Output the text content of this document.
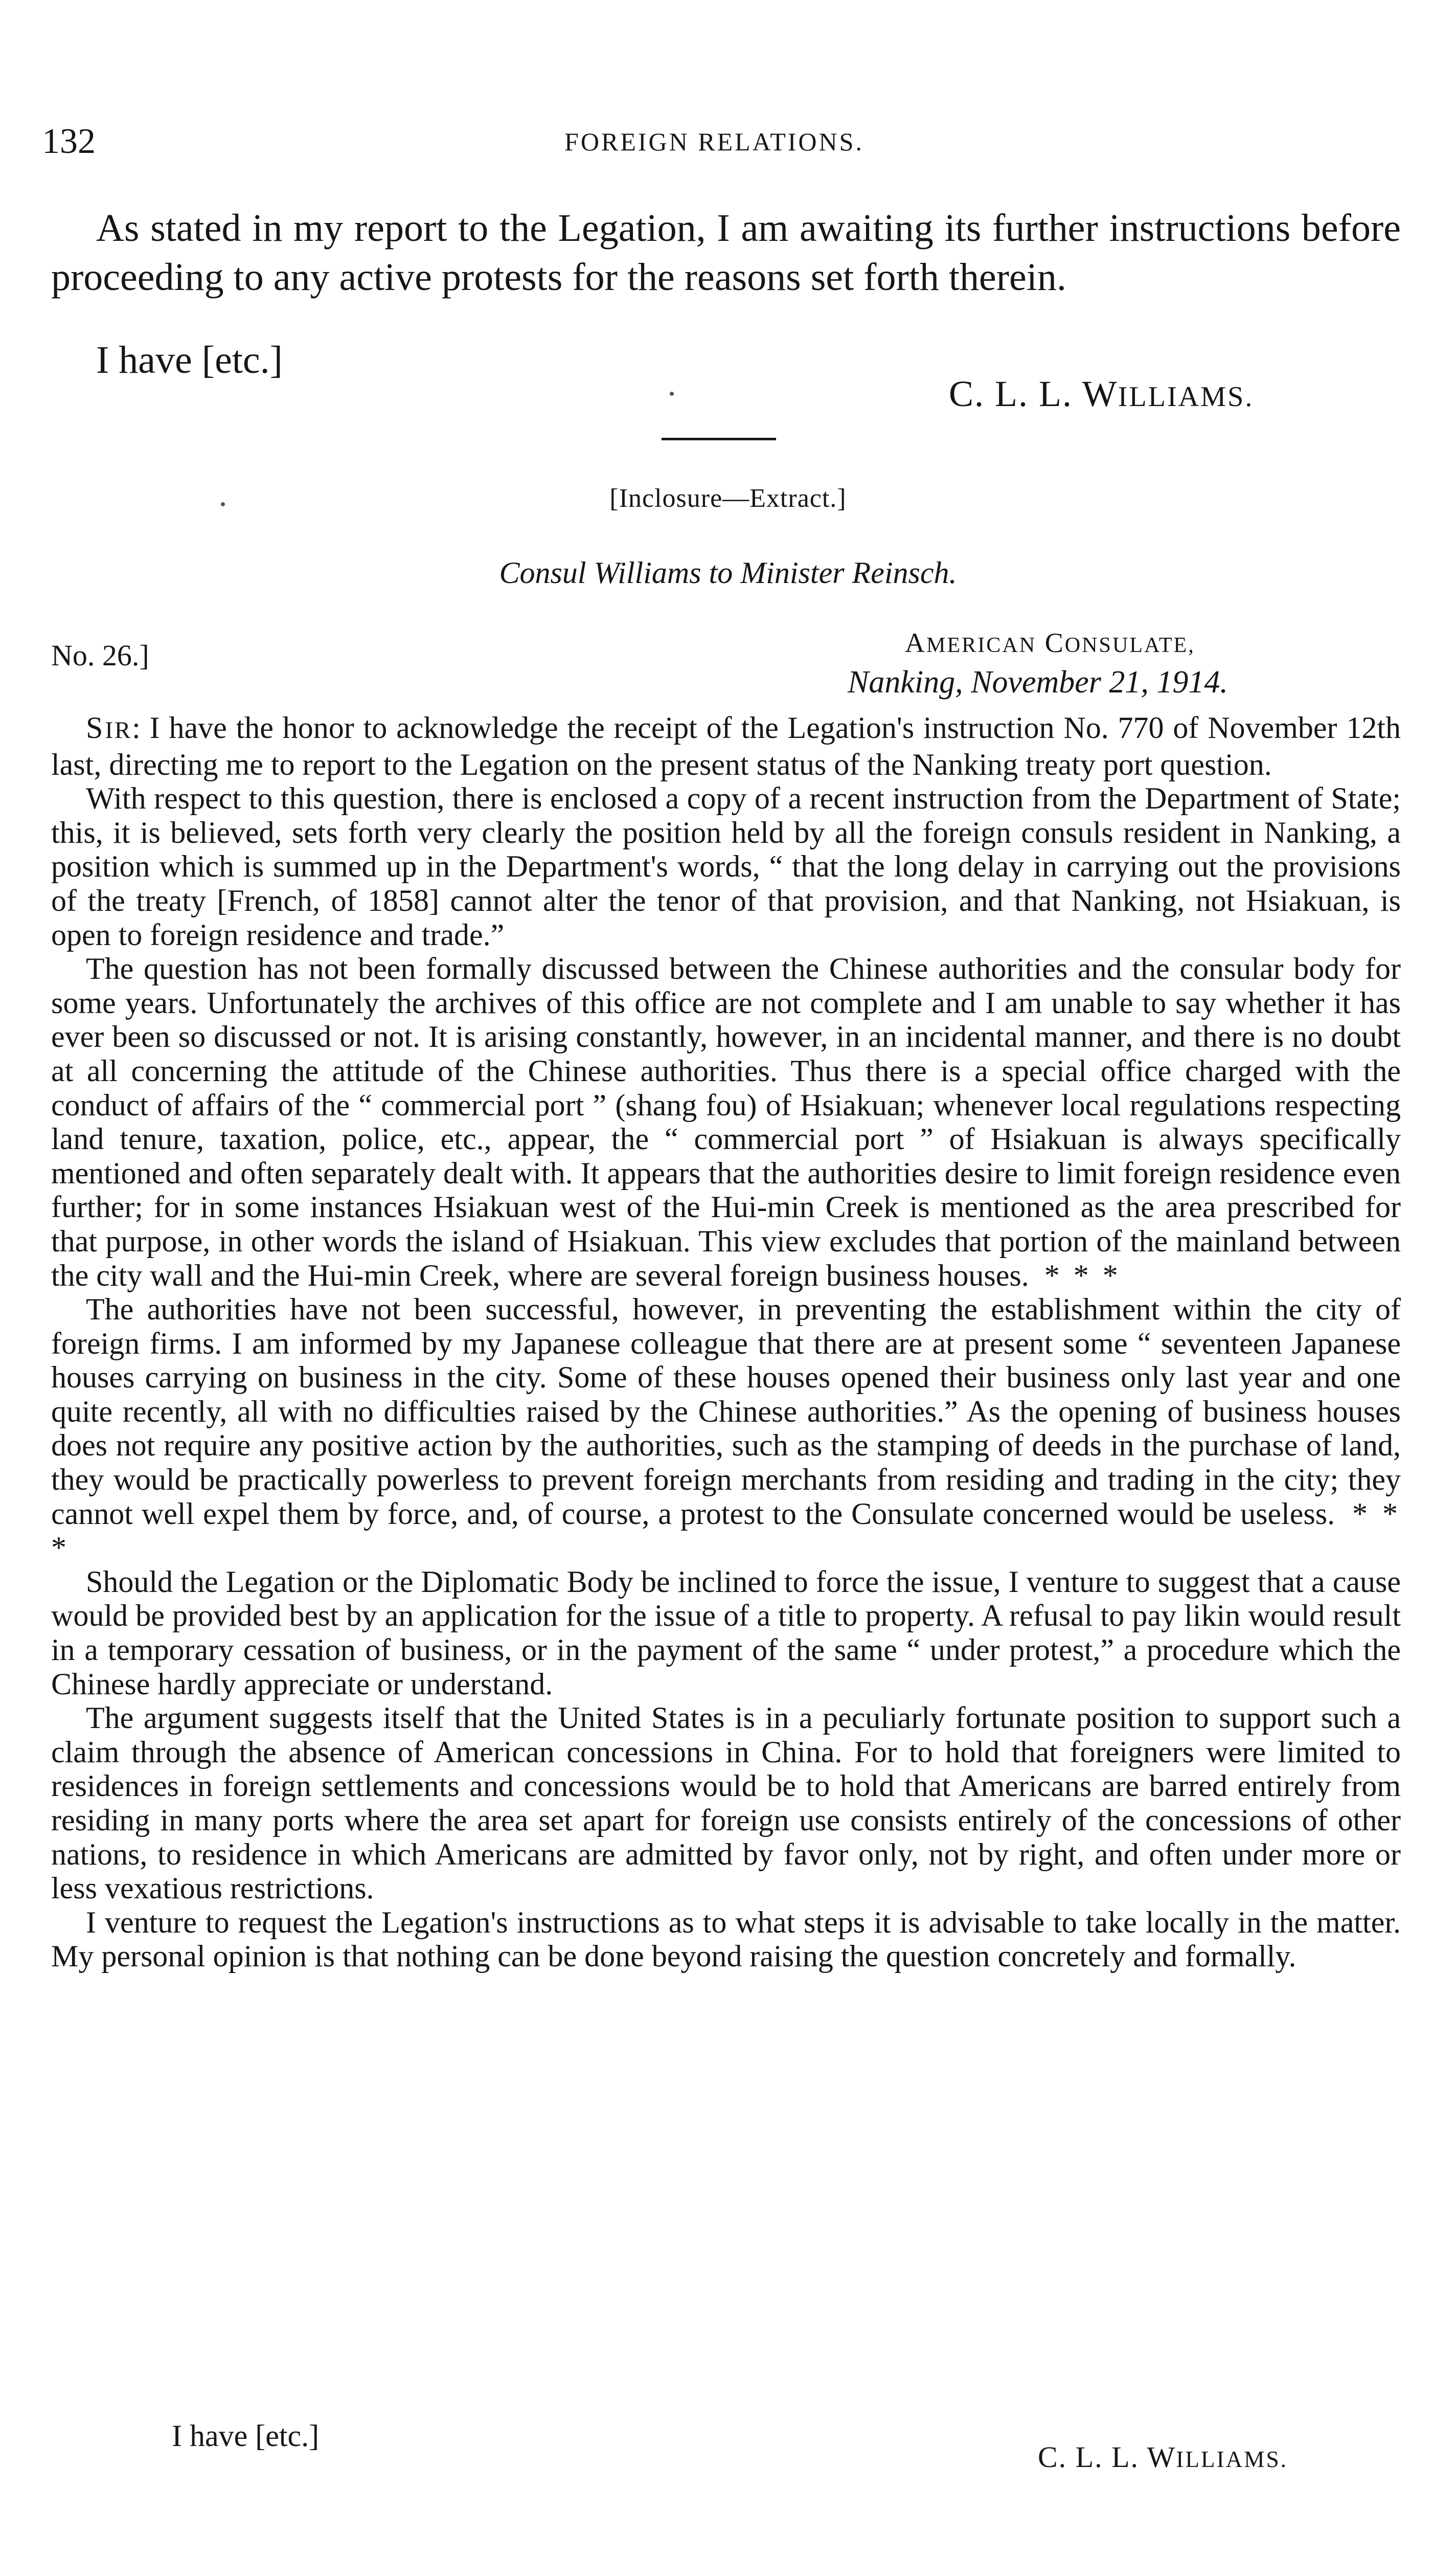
132	FOREIGN RELATIONS.

As stated in my report to the Legation, I am awaiting its further instructions before proceeding to any active protests for the reasons set forth therein.

I have [etc.]
C. L. L. WILLIAMS.
[Inclosure—Extract.]
Consul Williams to Minister Reinsch.
No. 26.]	AMERICAN CONSULATE,
Nanking, November 21, 1914.

SIR: I have the honor to acknowledge the receipt of the Legation's instruction No. 770 of November 12th last, directing me to report to the Legation on the present status of the Nanking treaty port question.

With respect to this question, there is enclosed a copy of a recent instruction from the Department of State; this, it is believed, sets forth very clearly the position held by all the foreign consuls resident in Nanking, a position which is summed up in the Department's words, “ that the long delay in carrying out the provisions of the treaty [French, of 1858] cannot alter the tenor of that provision, and that Nanking, not Hsiakuan, is open to foreign residence and trade.”

The question has not been formally discussed between the Chinese authorities and the consular body for some years. Unfortunately the archives of this office are not complete and I am unable to say whether it has ever been so discussed or not. It is arising constantly, however, in an incidental manner, and there is no doubt at all concerning the attitude of the Chinese authorities. Thus there is a special office charged with the conduct of affairs of the “ commercial port ” (shang fou) of Hsiakuan; whenever local regulations respecting land tenure, taxation, police, etc., appear, the “ commercial port ” of Hsiakuan is always specifically mentioned and often separately dealt with. It appears that the authorities desire to limit foreign residence even further; for in some instances Hsiakuan west of the Hui-min Creek is mentioned as the area prescribed for that purpose, in other words the island of Hsiakuan. This view excludes that portion of the mainland between the city wall and the Hui-min Creek, where are several foreign business houses. * * *

The authorities have not been successful, however, in preventing the establishment within the city of foreign firms. I am informed by my Japanese colleague that there are at present some “ seventeen Japanese houses carrying on business in the city. Some of these houses opened their business only last year and one quite recently, all with no difficulties raised by the Chinese authorities.” As the opening of business houses does not require any positive action by the authorities, such as the stamping of deeds in the purchase of land, they would be practically powerless to prevent foreign merchants from residing and trading in the city; they cannot well expel them by force, and, of course, a protest to the Consulate concerned would be useless. * * *

Should the Legation or the Diplomatic Body be inclined to force the issue, I venture to suggest that a cause would be provided best by an application for the issue of a title to property. A refusal to pay likin would result in a temporary cessation of business, or in the payment of the same “ under protest,” a procedure which the Chinese hardly appreciate or understand.

The argument suggests itself that the United States is in a peculiarly fortunate position to support such a claim through the absence of American concessions in China. For to hold that foreigners were limited to residences in foreign settlements and concessions would be to hold that Americans are barred entirely from residing in many ports where the area set apart for foreign use consists entirely of the concessions of other nations, to residence in which Americans are admitted by favor only, not by right, and often under more or less vexatious restrictions.

I venture to request the Legation's instructions as to what steps it is advisable to take locally in the matter. My personal opinion is that nothing can be done beyond raising the question concretely and formally.

I have [etc.]
C. L. L. WILLIAMS.
